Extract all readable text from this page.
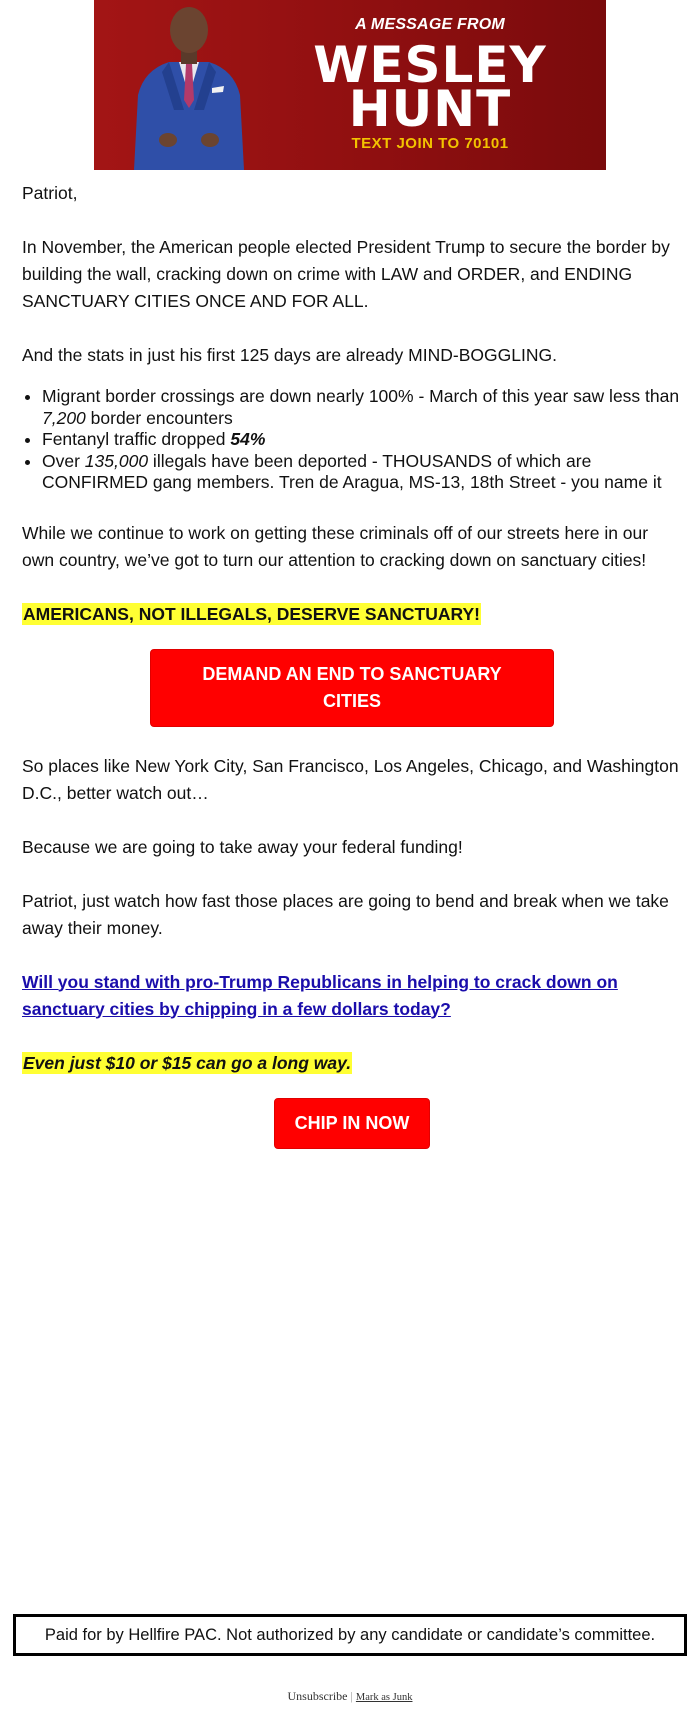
A MESSAGE FROM
WESLEY
HUNT
TEXT JOIN TO 70101

Patriot,

In November, the American people elected President Trump to secure the border by building the wall, cracking down on crime with LAW and ORDER, and ENDING SANCTUARY CITIES ONCE AND FOR ALL.

And the stats in just his first 125 days are already MIND-BOGGLING.

• Migrant border crossings are down nearly 100% - March of this year saw less than 7,200 border encounters
• Fentanyl traffic dropped 54%
• Over 135,000 illegals have been deported - THOUSANDS of which are CONFIRMED gang members. Tren de Aragua, MS-13, 18th Street - you name it

While we continue to work on getting these criminals off of our streets here in our own country, we’ve got to turn our attention to cracking down on sanctuary cities!

AMERICANS, NOT ILLEGALS, DESERVE SANCTUARY!

DEMAND AN END TO SANCTUARY CITIES

So places like New York City, San Francisco, Los Angeles, Chicago, and Washington D.C., better watch out…

Because we are going to take away your federal funding!

Patriot, just watch how fast those places are going to bend and break when we take away their money.

Will you stand with pro-Trump Republicans in helping to crack down on sanctuary cities by chipping in a few dollars today?

Even just $10 or $15 can go a long way.

CHIP IN NOW
Paid for by Hellfire PAC. Not authorized by any candidate or candidate’s committee.
Unsubscribe | Mark as Junk
